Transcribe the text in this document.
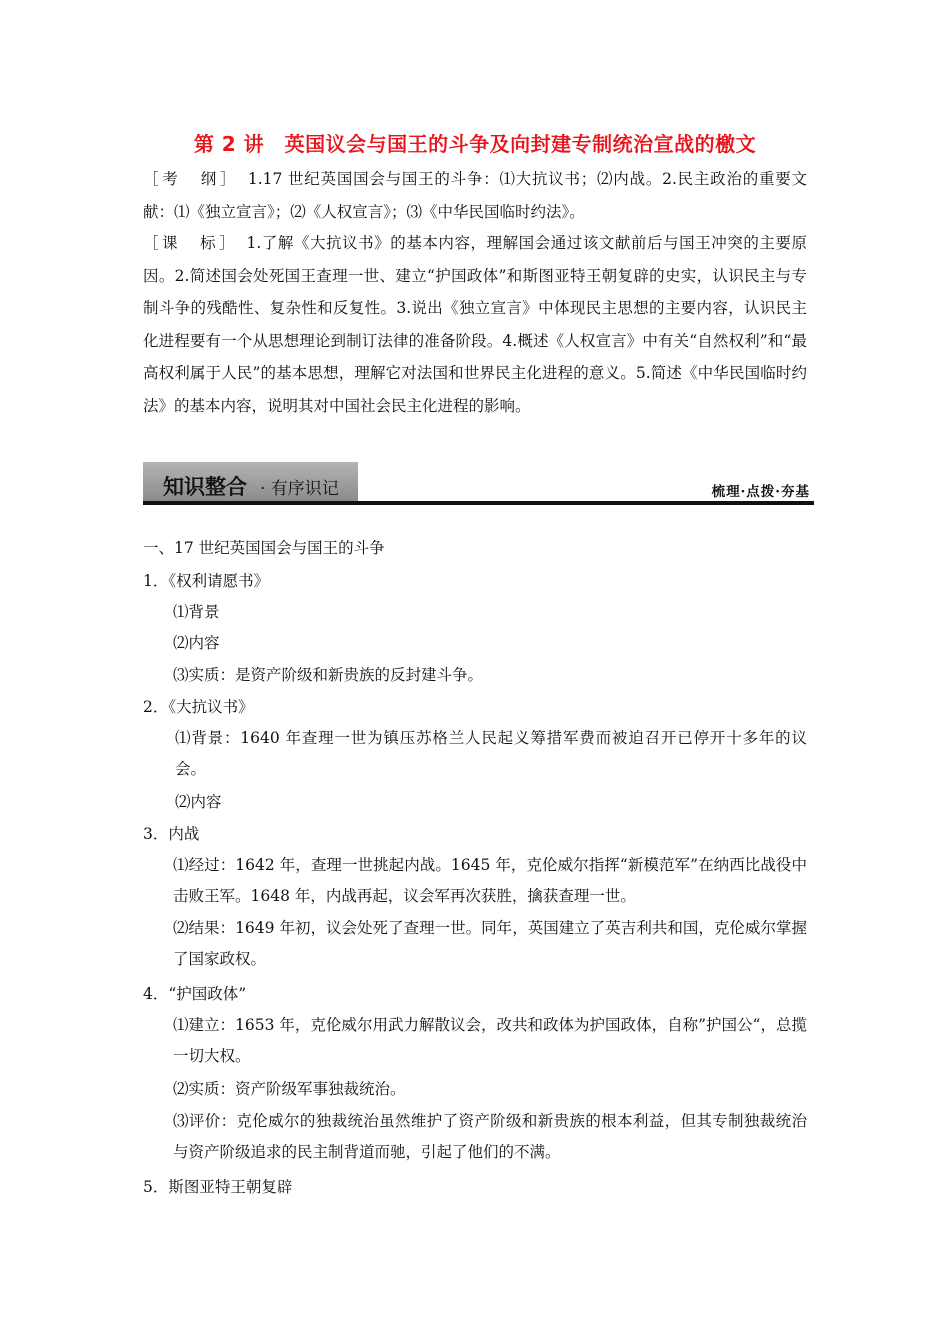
第 2 讲　英国议会与国王的斗争及向封建专制统治宣战的檄文

［考　纲］　1.17 世纪英国国会与国王的斗争：⑴大抗议书；⑵内战。2.民主政治的重要文献：⑴《独立宣言》；⑵《人权宣言》；⑶《中华民国临时约法》。

［课　标］　1.了解《大抗议书》的基本内容，理解国会通过该文献前后与国王冲突的主要原因。2.简述国会处死国王查理一世、建立“护国政体”和斯图亚特王朝复辟的史实，认识民主与专制斗争的残酷性、复杂性和反复性。3.说出《独立宣言》中体现民主思想的主要内容，认识民主化进程要有一个从思想理论到制订法律的准备阶段。4.概述《人权宣言》中有关“自然权利”和“最高权利属于人民”的基本思想，理解它对法国和世界民主化进程的意义。5.简述《中华民国临时约法》的基本内容，说明其对中国社会民主化进程的影响。

知识整合 · 有序识记	梳理·点拨·夯基
一、17 世纪英国国会与国王的斗争
1．《权利请愿书》
⑴背景
⑵内容
⑶实质：是资产阶级和新贵族的反封建斗争。
2．《大抗议书》

⑴背景：1640 年查理一世为镇压苏格兰人民起义筹措军费而被迫召开已停开十多年的议会。

⑵内容
3．内战

⑴经过：1642 年，查理一世挑起内战。1645 年，克伦威尔指挥“新模范军”在纳西比战役中击败王军。1648 年，内战再起，议会军再次获胜，擒获查理一世。

⑵结果：1649 年初，议会处死了查理一世。同年，英国建立了英吉利共和国，克伦威尔掌握了国家政权。

4．“护国政体”

⑴建立：1653 年，克伦威尔用武力解散议会，改共和政体为护国政体，自称”护国公“，总揽一切大权。

⑵实质：资产阶级军事独裁统治。

⑶评价：克伦威尔的独裁统治虽然维护了资产阶级和新贵族的根本利益，但其专制独裁统治与资产阶级追求的民主制背道而驰，引起了他们的不满。

5．斯图亚特王朝复辟
